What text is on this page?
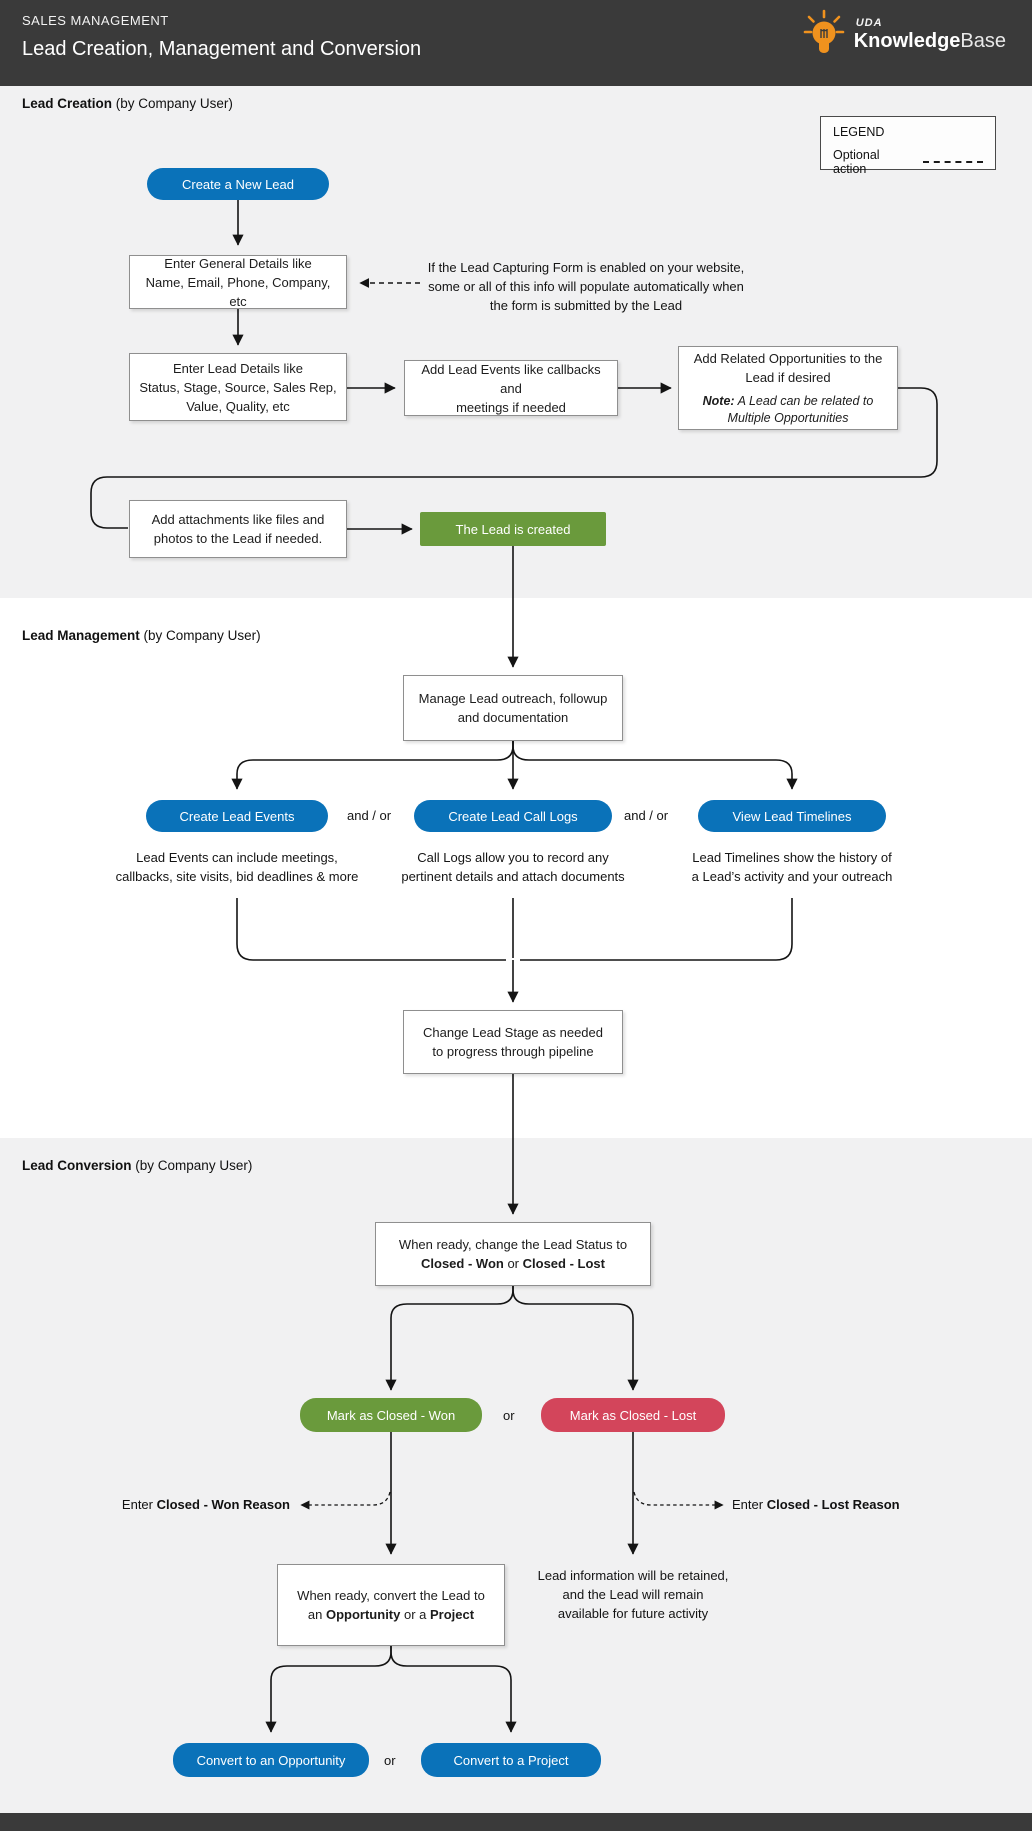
SALES MANAGEMENT
Lead Creation, Management and Conversion
UDA
KnowledgeBase
Lead Creation (by Company User)
LEGEND
Optional action
Create a New Lead
Enter General Details like
Name, Email, Phone, Company, etc
If the Lead Capturing Form is enabled on your website,
some or all of this info will populate automatically when
the form is submitted by the Lead
Enter Lead Details like
Status, Stage, Source, Sales Rep,
Value, Quality, etc
Add Lead Events like callbacks and
meetings if needed
Add Related Opportunities to the
Lead if desired
Note: A Lead can be related to
Multiple Opportunities
Add attachments like files and
photos to the Lead if needed.
The Lead is created
Lead Management (by Company User)
Manage Lead outreach, followup
and documentation
Create Lead Events	and / or	Create Lead Call Logs	and / or	View Lead Timelines
Lead Events can include meetings,
callbacks, site visits, bid deadlines & more
Call Logs allow you to record any
pertinent details and attach documents
Lead Timelines show the history of
a Lead’s activity and your outreach
Change Lead Stage as needed
to progress through pipeline
Lead Conversion (by Company User)
When ready, change the Lead Status to
Closed - Won or Closed - Lost
Mark as Closed - Won	or	Mark as Closed - Lost
Enter Closed - Won Reason	Enter Closed - Lost Reason
When ready, convert the Lead to
an Opportunity or a Project
Lead information will be retained,
and the Lead will remain
available for future activity
Convert to an Opportunity	or	Convert to a Project
